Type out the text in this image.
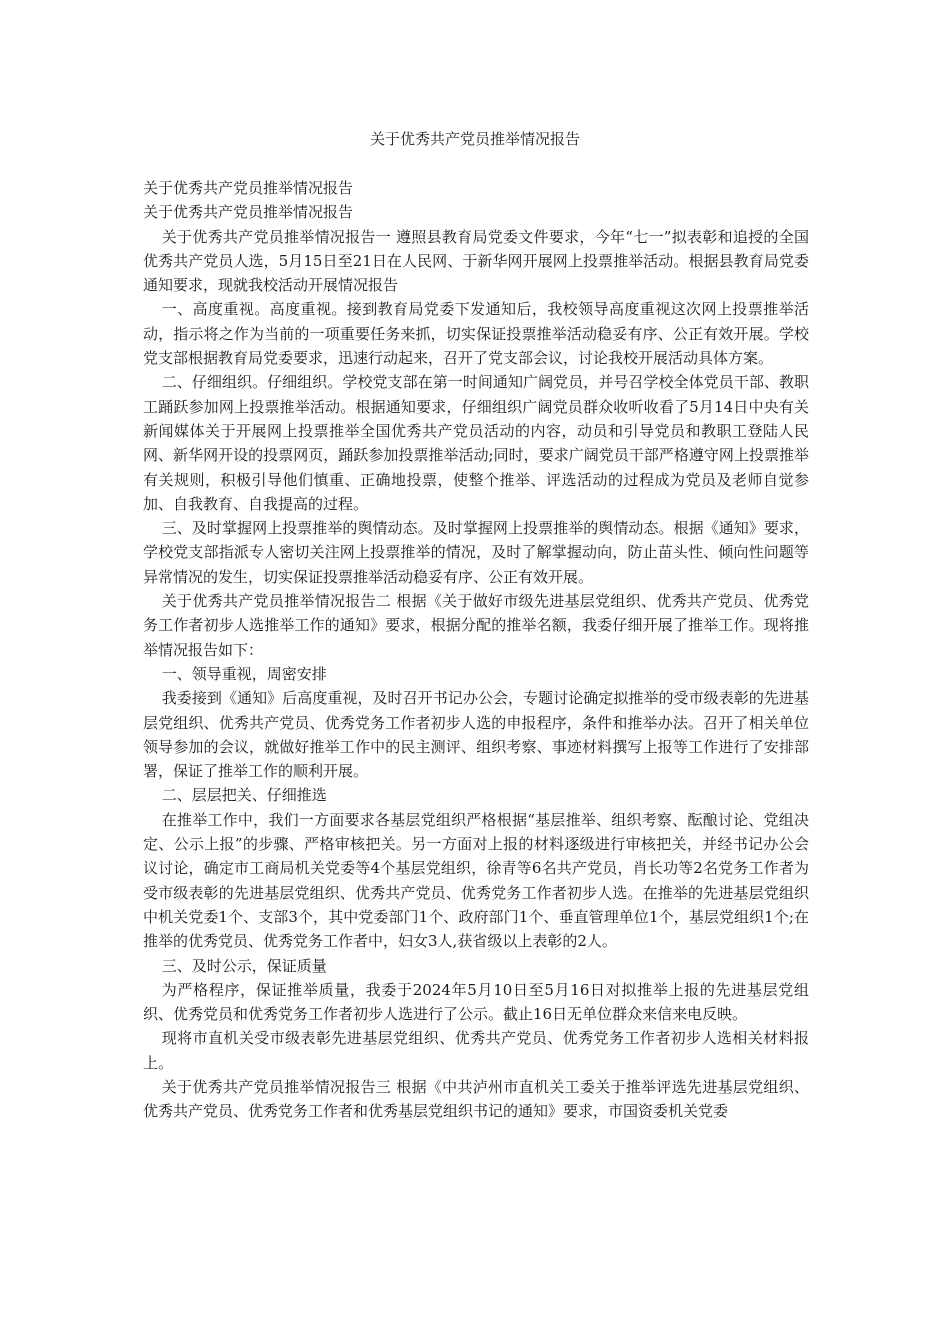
关于优秀共产党员推举情况报告

关于优秀共产党员推举情况报告

关于优秀共产党员推举情况报告

关于优秀共产党员推举情况报告一 遵照县教育局党委文件要求，今年“七一”拟表彰和追授的全国优秀共产党员人选，5月15日至21日在人民网、于新华网开展网上投票推举活动。根据县教育局党委通知要求，现就我校活动开展情况报告

一、高度重视。高度重视。接到教育局党委下发通知后，我校领导高度重视这次网上投票推举活动，指示将之作为当前的一项重要任务来抓，切实保证投票推举活动稳妥有序、公正有效开展。学校党支部根据教育局党委要求，迅速行动起来，召开了党支部会议，讨论我校开展活动具体方案。

二、仔细组织。仔细组织。学校党支部在第一时间通知广阔党员，并号召学校全体党员干部、教职工踊跃参加网上投票推举活动。根据通知要求，仔细组织广阔党员群众收听收看了5月14日中央有关新闻媒体关于开展网上投票推举全国优秀共产党员活动的内容，动员和引导党员和教职工登陆人民网、新华网开设的投票网页，踊跃参加投票推举活动;同时，要求广阔党员干部严格遵守网上投票推举有关规则，积极引导他们慎重、正确地投票，使整个推举、评选活动的过程成为党员及老师自觉参加、自我教育、自我提高的过程。

三、及时掌握网上投票推举的舆情动态。及时掌握网上投票推举的舆情动态。根据《通知》要求，学校党支部指派专人密切关注网上投票推举的情况，及时了解掌握动向，防止苗头性、倾向性问题等异常情况的发生，切实保证投票推举活动稳妥有序、公正有效开展。

关于优秀共产党员推举情况报告二 根据《关于做好市级先进基层党组织、优秀共产党员、优秀党务工作者初步人选推举工作的通知》要求，根据分配的推举名额，我委仔细开展了推举工作。现将推举情况报告如下：

一、领导重视，周密安排

我委接到《通知》后高度重视，及时召开书记办公会，专题讨论确定拟推举的受市级表彰的先进基层党组织、优秀共产党员、优秀党务工作者初步人选的申报程序，条件和推举办法。召开了相关单位领导参加的会议，就做好推举工作中的民主测评、组织考察、事迹材料撰写上报等工作进行了安排部署，保证了推举工作的顺利开展。

二、层层把关、仔细推选

在推举工作中，我们一方面要求各基层党组织严格根据“基层推举、组织考察、酝酿讨论、党组决定、公示上报”的步骤、严格审核把关。另一方面对上报的材料逐级进行审核把关，并经书记办公会议讨论，确定市工商局机关党委等4个基层党组织，徐青等6名共产党员，肖长功等2名党务工作者为受市级表彰的先进基层党组织、优秀共产党员、优秀党务工作者初步人选。在推举的先进基层党组织中机关党委1个、支部3个，其中党委部门1个、政府部门1个、垂直管理单位1个，基层党组织1个;在推举的优秀党员、优秀党务工作者中，妇女3人,获省级以上表彰的2人。

三、及时公示，保证质量

为严格程序，保证推举质量，我委于2024年5月10日至5月16日对拟推举上报的先进基层党组织、优秀党员和优秀党务工作者初步人选进行了公示。截止16日无单位群众来信来电反映。

现将市直机关受市级表彰先进基层党组织、优秀共产党员、优秀党务工作者初步人选相关材料报上。

关于优秀共产党员推举情况报告三 根据《中共泸州市直机关工委关于推举评选先进基层党组织、优秀共产党员、优秀党务工作者和优秀基层党组织书记的通知》要求，市国资委机关党委
